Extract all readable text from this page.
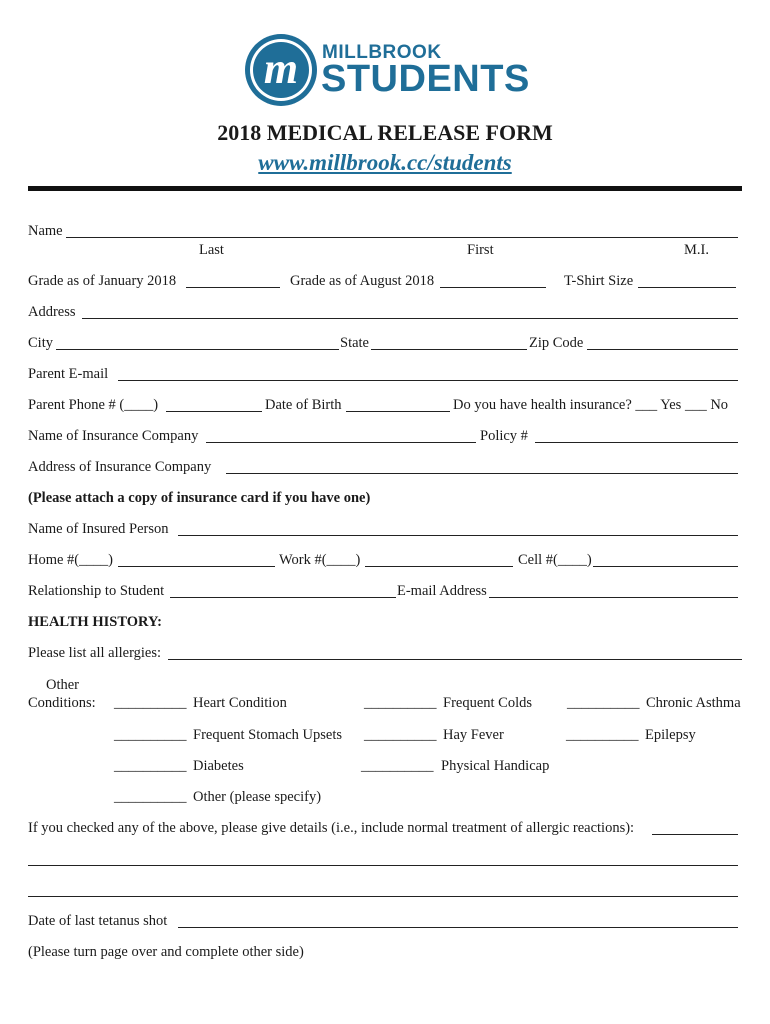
m MILLBROOK
STUDENTS
2018 MEDICAL RELEASE FORM
www.millbrook.cc/students
Name
Last	First	M.I.
Grade as of January 2018	Grade as of August 2018	T-Shirt Size
Address
City	State	Zip Code
Parent E-mail
Parent Phone # (____)	Date of Birth	Do you have health insurance? ___ Yes ___ No
Name of Insurance Company	Policy #
Address of Insurance Company
(Please attach a copy of insurance card if you have one)
Name of Insured Person
Home #(____)	Work #(____)	Cell #(____)
Relationship to Student	E-mail Address
HEALTH HISTORY:
Please list all allergies:
Other
Conditions: __________ Heart Condition	__________ Frequent Colds __________ Chronic Asthma
__________ Frequent Stomach Upsets __________ Hay Fever	__________ Epilepsy
__________ Diabetes	__________ Physical Handicap
__________ Other (please specify)
If you checked any of the above, please give details (i.e., include normal treatment of allergic reactions):
Date of last tetanus shot
(Please turn page over and complete other side)
